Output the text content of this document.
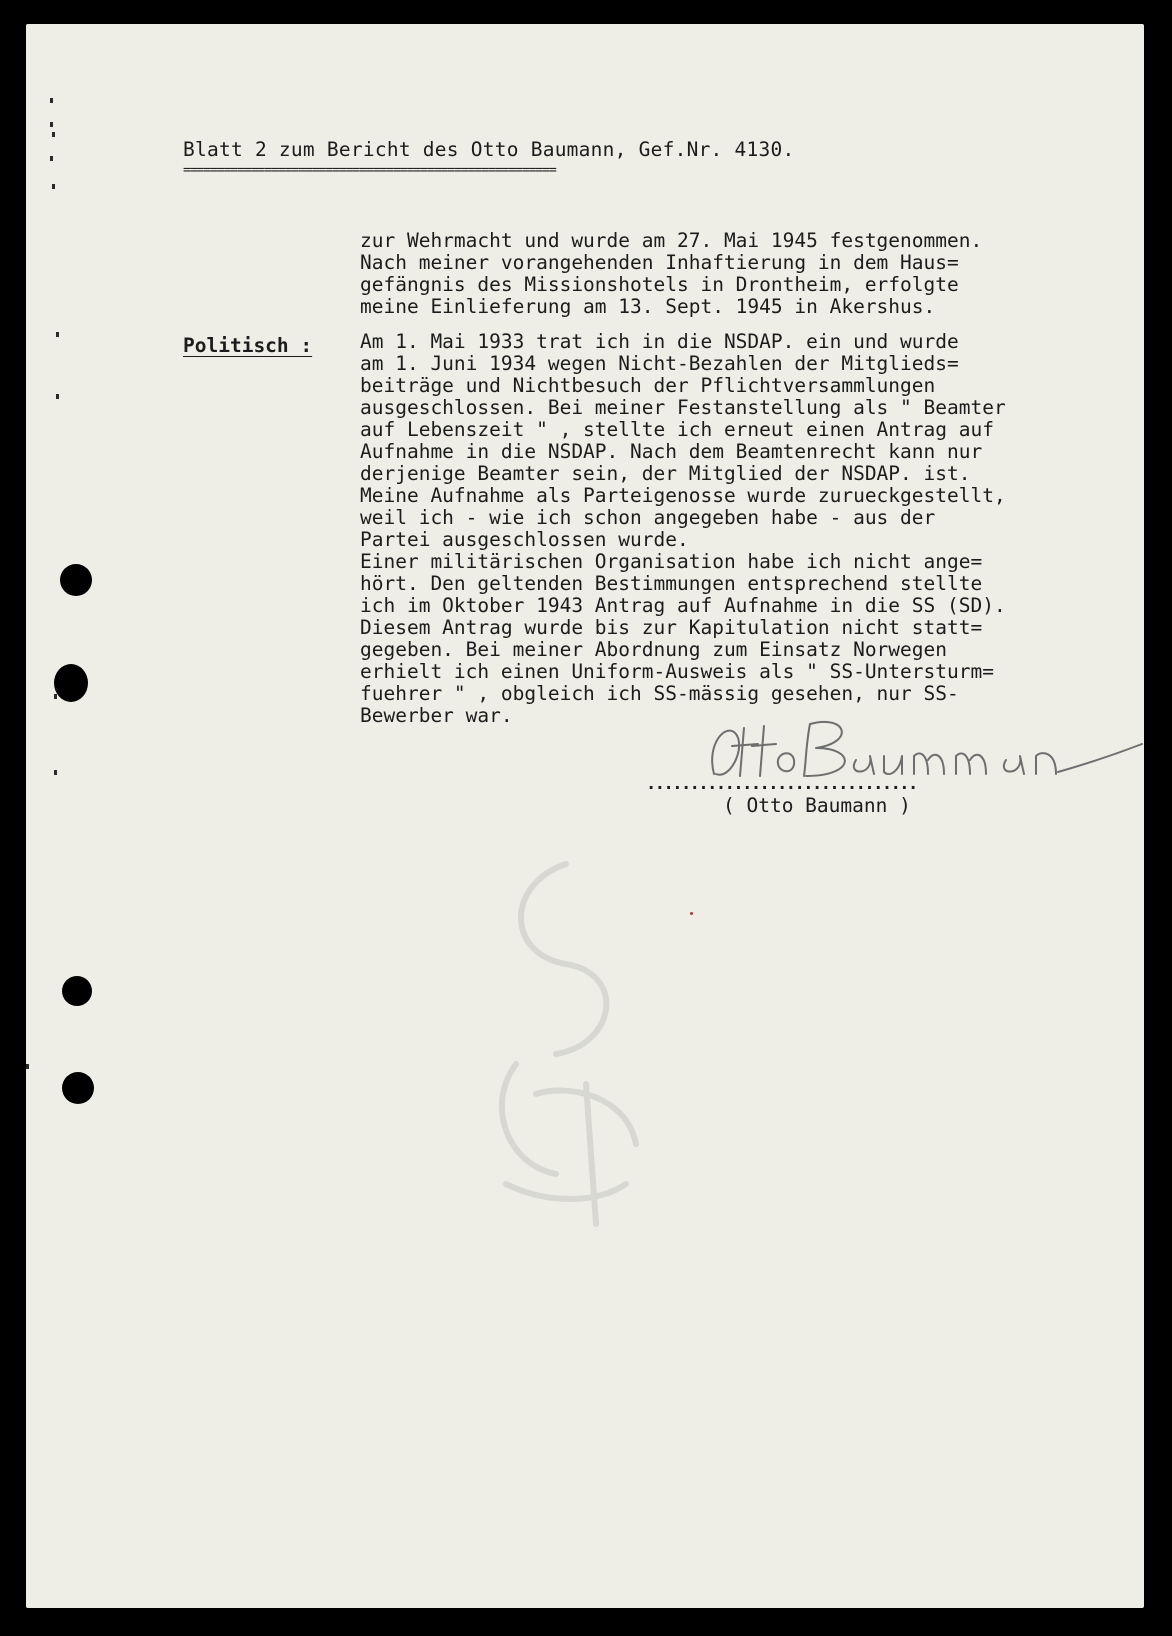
Blatt 2 zum Bericht des Otto Baumann, Gef.Nr. 4130.
=======================================================
zur Wehrmacht und wurde am 27. Mai 1945 festgenommen.
Nach meiner vorangehenden Inhaftierung in dem Haus=
gefängnis des Missionshotels in Drontheim, erfolgte
meine Einlieferung am 13. Sept. 1945 in Akershus.
Politisch : Am 1. Mai 1933 trat ich in die NSDAP. ein und wurde
am 1. Juni 1934 wegen Nicht-Bezahlen der Mitglieds=
beiträge und Nichtbesuch der Pflichtversammlungen
ausgeschlossen. Bei meiner Festanstellung als " Beamter
auf Lebenszeit " , stellte ich erneut einen Antrag auf
Aufnahme in die NSDAP. Nach dem Beamtenrecht kann nur
derjenige Beamter sein, der Mitglied der NSDAP. ist.
Meine Aufnahme als Parteigenosse wurde zurueckgestellt,
weil ich - wie ich schon angegeben habe - aus der
Partei ausgeschlossen wurde.
Einer militärischen Organisation habe ich nicht ange=
hört. Den geltenden Bestimmungen entsprechend stellte
ich im Oktober 1943 Antrag auf Aufnahme in die SS (SD).
Diesem Antrag wurde bis zur Kapitulation nicht statt=
gegeben. Bei meiner Abordnung zum Einsatz Norwegen
erhielt ich einen Uniform-Ausweis als " SS-Untersturm=
fuehrer " , obgleich ich SS-mässig gesehen, nur SS-
Bewerber war.
...............................
( Otto Baumann )
